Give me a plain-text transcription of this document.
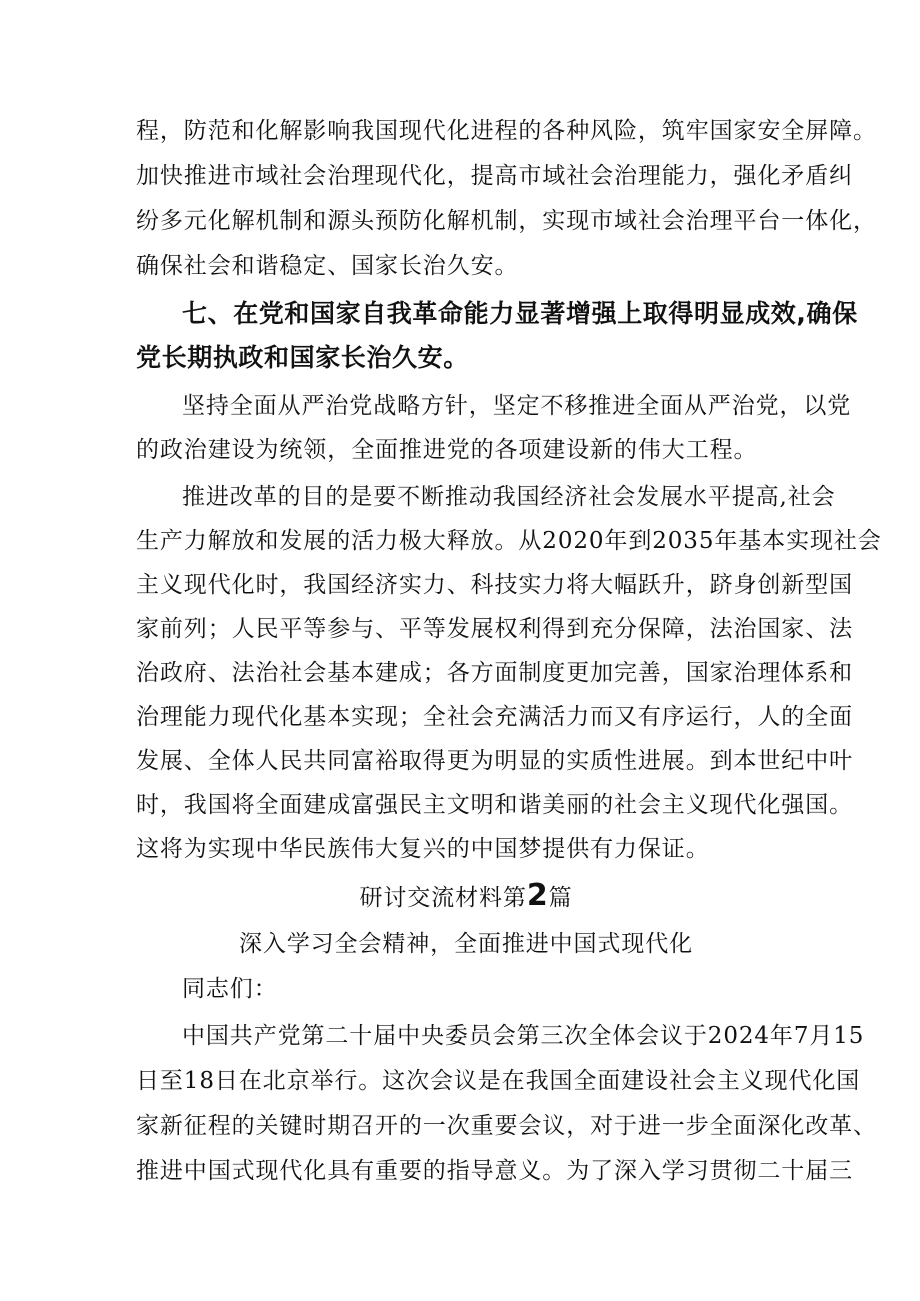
程，防范和化解影响我国现代化进程的各种风险，筑牢国家安全屏障。
加快推进市域社会治理现代化，提高市域社会治理能力，强化矛盾纠
纷多元化解机制和源头预防化解机制，实现市域社会治理平台一体化，
确保社会和谐稳定、国家长治久安。
七、在党和国家自我革命能力显著增强上取得明显成效,确保
党长期执政和国家长治久安。
坚持全面从严治党战略方针，坚定不移推进全面从严治党，以党
的政治建设为统领，全面推进党的各项建设新的伟大工程。
推进改革的目的是要不断推动我国经济社会发展水平提高,社会
生产力解放和发展的活力极大释放。从2020年到2035年基本实现社会
主义现代化时，我国经济实力、科技实力将大幅跃升，跻身创新型国
家前列；人民平等参与、平等发展权利得到充分保障，法治国家、法
治政府、法治社会基本建成；各方面制度更加完善，国家治理体系和
治理能力现代化基本实现；全社会充满活力而又有序运行，人的全面
发展、全体人民共同富裕取得更为明显的实质性进展。到本世纪中叶
时，我国将全面建成富强民主文明和谐美丽的社会主义现代化强国。
这将为实现中华民族伟大复兴的中国梦提供有力保证。
研讨交流材料第2篇
深入学习全会精神，全面推进中国式现代化
同志们：
中国共产党第二十届中央委员会第三次全体会议于2024年7月15
日至18日在北京举行。这次会议是在我国全面建设社会主义现代化国
家新征程的关键时期召开的一次重要会议，对于进一步全面深化改革、
推进中国式现代化具有重要的指导意义。为了深入学习贯彻二十届三
